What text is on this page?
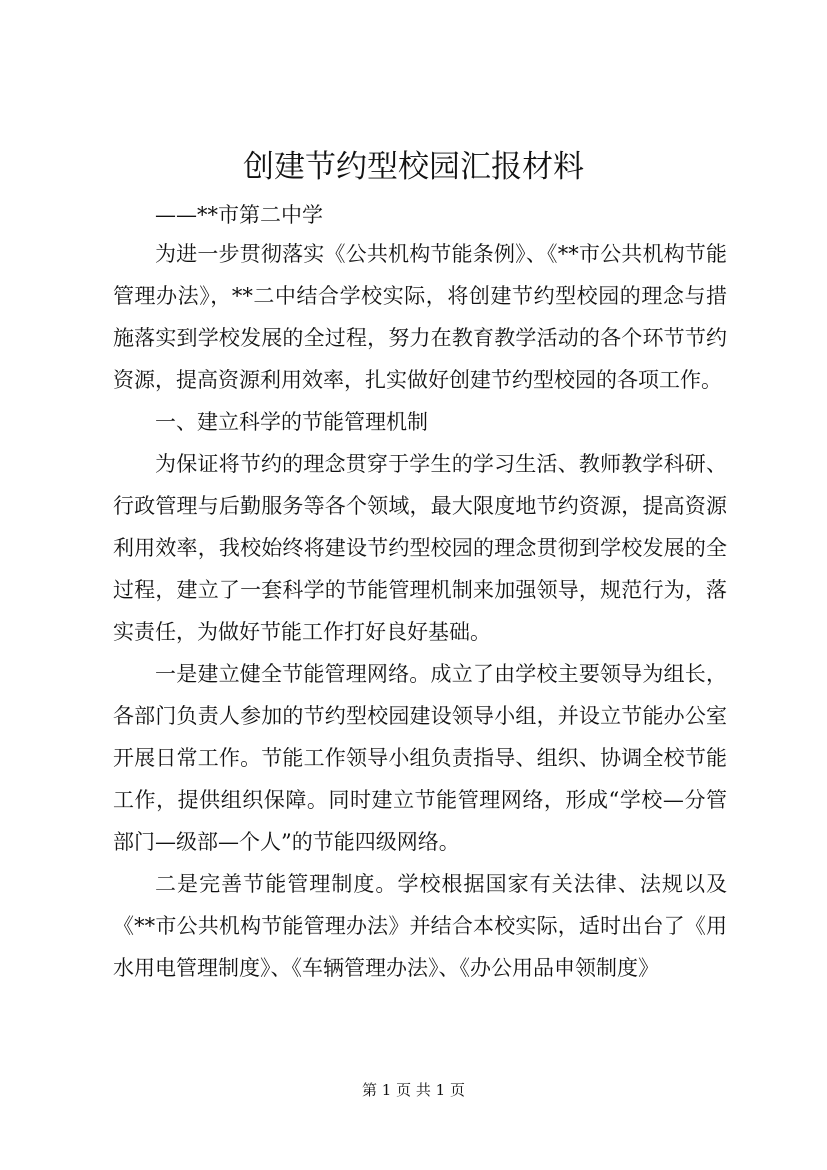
创建节约型校园汇报材料
——**市第二中学

为进一步贯彻落实《公共机构节能条例》、《**市公共机构节能管理办法》，**二中结合学校实际，将创建节约型校园的理念与措施落实到学校发展的全过程，努力在教育教学活动的各个环节节约资源，提高资源利用效率，扎实做好创建节约型校园的各项工作。

一、建立科学的节能管理机制

为保证将节约的理念贯穿于学生的学习生活、教师教学科研、行政管理与后勤服务等各个领域，最大限度地节约资源，提高资源利用效率，我校始终将建设节约型校园的理念贯彻到学校发展的全过程，建立了一套科学的节能管理机制来加强领导，规范行为，落实责任，为做好节能工作打好良好基础。

一是建立健全节能管理网络。成立了由学校主要领导为组长，各部门负责人参加的节约型校园建设领导小组，并设立节能办公室开展日常工作。节能工作领导小组负责指导、组织、协调全校节能工作，提供组织保障。同时建立节能管理网络，形成“学校—分管部门—级部—个人”的节能四级网络。

二是完善节能管理制度。学校根据国家有关法律、法规以及《**市公共机构节能管理办法》并结合本校实际，适时出台了《用水用电管理制度》、《车辆管理办法》、《办公用品申领制度》

第 1 页 共 1 页
